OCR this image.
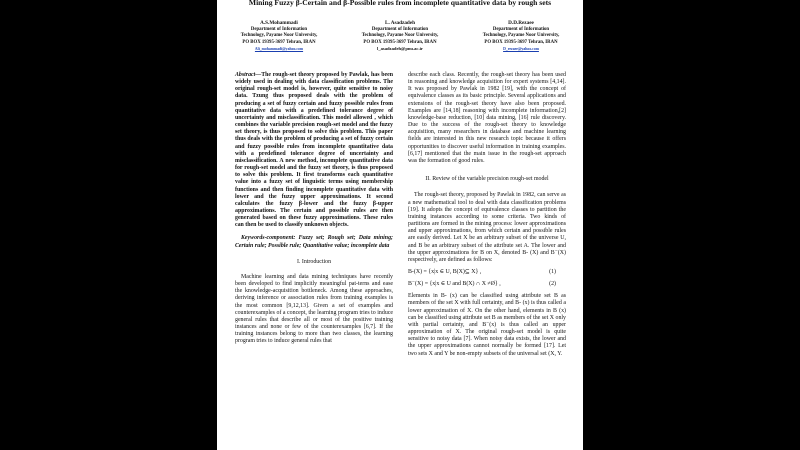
Mining Fuzzy β-Certain and β-Possible rules from incomplete quantitative data by rough sets
A.S.Mohammadi
Department of Information
Technology, Payame Noor University,
PO BOX 19395-3697 Tehran, IRAN
Ali_mohammadi@yahoo.com
L. Asadzadeh
Department of Information
Technology, Payame Noor University,
PO BOX 19395-3697 Tehran, IRAN
l_asadzadeh@pnu.ac.ir
D.D.Rezaee
Department of Information
Technology, Payame Noor University,
PO BOX 19395-3697 Tehran, IRAN
D_rezaee@yahoo.com

Abstract—The rough-set theory proposed by Pawlak, has been widely used in dealing with data classification problems. The original rough-set model is, however, quite sensitive to noisy data. Tzung thus proposed deals with the problem of producing a set of fuzzy certain and fuzzy possible rules from quantitative data with a predefined tolerance degree of uncertainty and misclassification. This model allowed , which combines the variable precision rough-set model and the fuzzy set theory, is thus proposed to solve this problem. This paper thus deals with the problem of producing a set of fuzzy certain and fuzzy possible rules from incomplete quantitative data with a predefined tolerance degree of uncertainty and misclassification. A new method, incomplete quantitative data for rough-set model and the fuzzy set theory, is thus proposed to solve this problem. It first transforms each quantitative value into a fuzzy set of linguistic terms using membership functions and then finding incomplete quantitative data with lower and the fuzzy upper approximations. It second calculates the fuzzy β-lower and the fuzzy β-upper approximations. The certain and possible rules are then generated based on these fuzzy approximations. These rules can then be used to classify unknown objects.

Keywords-component: Fuzzy set; Rough set; Data mining; Certain rule; Possible rule; Quantitative value; incomplete data

I. Introduction

Machine learning and data mining techniques have recently been developed to find implicitly meaningful pat-terns and ease the knowledge-acquisition bottleneck. Among these approaches, deriving inference or association rules from training examples is the most common [9,12,13]. Given a set of examples and counterexamples of a concept, the learning program tries to induce general rules that describe all or most of the positive training instances and none or few of the counterexamples [6,7]. If the training instances belong to more than two classes, the learning program tries to induce general rules that

describe each class. Recently, the rough-set theory has been used in reasoning and knowledge acquisition for expert systems [4,14]. It was proposed by Pawlak in 1982 [19], with the concept of equivalence classes as its basic principle. Several applications and extensions of the rough-set theory have also been proposed. Examples are [14,18] reasoning with incomplete information,[2] knowledge-base reduction, [10] data mining, [16] rule discovery. Due to the success of the rough-set theory to knowledge acquisition, many researchers in database and machine learning fields are interested in this new research topic because it offers opportunities to discover useful information in training examples. [6,17] mentioned that the main issue in the rough-set approach was the formation of good rules.

II. Review of the variable precision rough-set model

The rough-set theory, proposed by Pawlak in 1982, can serve as a new mathematical tool to deal with data classification problems [19]. It adopts the concept of equivalence classes to partition the training instances according to some criteria. Two kinds of partitions are formed in the mining process: lower approximations and upper approximations, from which certain and possible rules are easily derived. Let X be an arbitrary subset of the universe U, and B be an arbitrary subset of the attribute set A. The lower and the upper approximations for B on X, denoted B- (X) and B⁻(X) respectively, are defined as follows:

B-(X) = {x|x ∈ U, B(X)⊆ X} ,	(1)
B⁻(X) = {x|x ∈ U and B(X) ∩ X ≠Ø} ,	(2)

Elements in B- (x) can be classified using attribute set B as members of the set X with full certainty, and B- (x) is thus called a lower approximation of X. On the other hand, elements in B (x) can be classified using attribute set B as members of the set X only with partial certainty, and B⁻(x) is thus called an upper approximation of X. The original rough-set model is quite sensitive to noisy data [7]. When noisy data exists, the lower and the upper approximations cannot normally be formed [17]. Let two sets X and Y be non-empty subsets of the universal set (X, Y.
